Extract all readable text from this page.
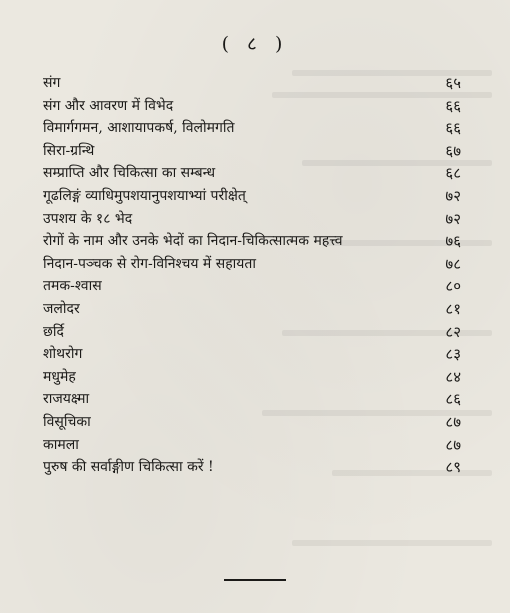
( ८ )
संग	६५
संग और आवरण में विभेद	६६
विमार्गगमन, आशायापकर्ष, विलोमगति	६६
सिरा-ग्रन्थि	६७
सम्प्राप्ति और चिकित्सा का सम्बन्ध	६८
गूढलिङ्गं व्याधिमुपशयानुपशयाभ्यां परीक्षेत्	७२
उपशय के १८ भेद	७२
रोगों के नाम और उनके भेदों का निदान-चिकित्सात्मक महत्त्व	७६
निदान-पञ्चक से रोग-विनिश्चय में सहायता	७८
तमक-श्वास	८०
जलोदर	८१
छर्दि	८२
शोथरोग	८३
मधुमेह	८४
राजयक्ष्मा	८६
विसूचिका	८७
कामला	८७
पुरुष की सर्वाङ्गीण चिकित्सा करें !	८९
